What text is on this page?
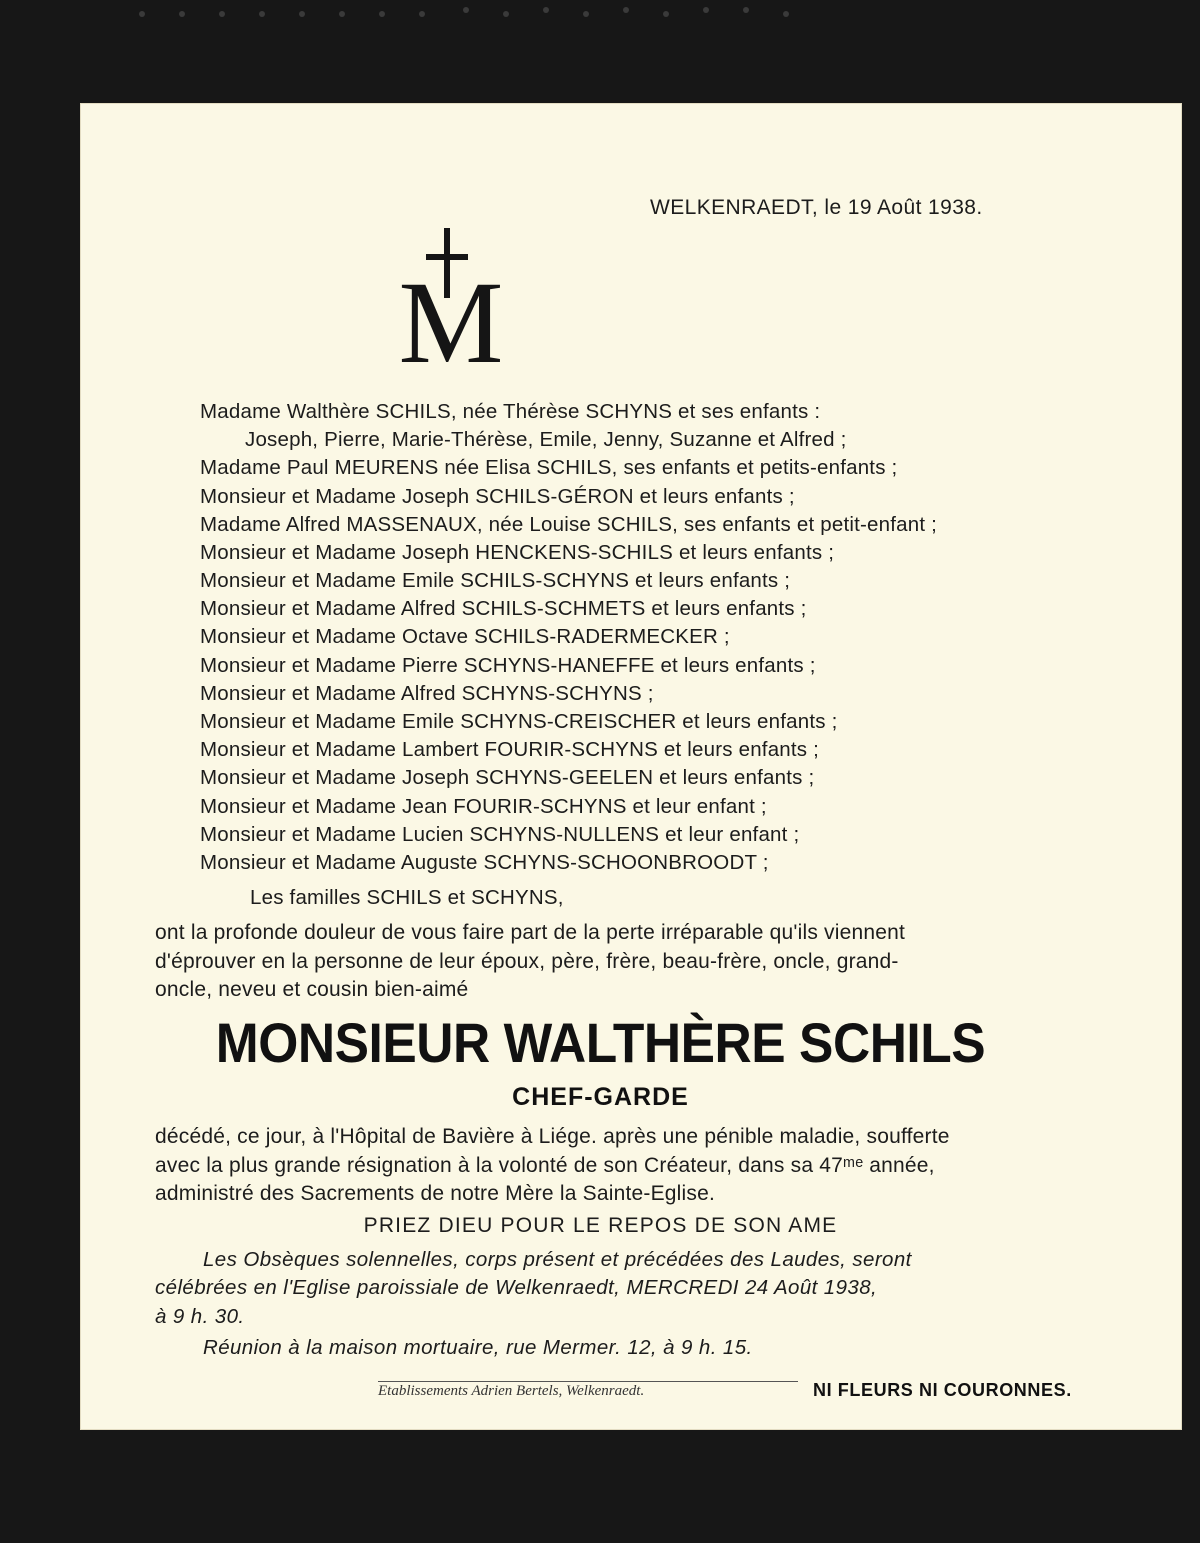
WELKENRAEDT, le 19 Août 1938.

M

Madame Walthère SCHILS, née Thérèse SCHYNS et ses enfants :

Joseph, Pierre, Marie-Thérèse, Emile, Jenny, Suzanne et Alfred ;

Madame Paul MEURENS née Elisa SCHILS, ses enfants et petits-enfants ;

Monsieur et Madame Joseph SCHILS-GÉRON et leurs enfants ;

Madame Alfred MASSENAUX, née Louise SCHILS, ses enfants et petit-enfant ;

Monsieur et Madame Joseph HENCKENS-SCHILS et leurs enfants ;

Monsieur et Madame Emile SCHILS-SCHYNS et leurs enfants ;

Monsieur et Madame Alfred SCHILS-SCHMETS et leurs enfants ;

Monsieur et Madame Octave SCHILS-RADERMECKER ;

Monsieur et Madame Pierre SCHYNS-HANEFFE et leurs enfants ;

Monsieur et Madame Alfred SCHYNS-SCHYNS ;

Monsieur et Madame Emile SCHYNS-CREISCHER et leurs enfants ;

Monsieur et Madame Lambert FOURIR-SCHYNS et leurs enfants ;

Monsieur et Madame Joseph SCHYNS-GEELEN et leurs enfants ;

Monsieur et Madame Jean FOURIR-SCHYNS et leur enfant ;

Monsieur et Madame Lucien SCHYNS-NULLENS et leur enfant ;

Monsieur et Madame Auguste SCHYNS-SCHOONBROODT ;

Les familles SCHILS et SCHYNS,

ont la profonde douleur de vous faire part de la perte irréparable qu'ils viennent

d'éprouver en la personne de leur époux, père, frère, beau-frère, oncle, grand-

oncle, neveu et cousin bien-aimé

MONSIEUR WALTHÈRE SCHILS

CHEF-GARDE

décédé, ce jour, à l'Hôpital de Bavière à Liége. après une pénible maladie, soufferte

avec la plus grande résignation à la volonté de son Créateur, dans sa 47ᵐᵉ année,

administré des Sacrements de notre Mère la Sainte-Eglise.

PRIEZ DIEU POUR LE REPOS DE SON AME

Les Obsèques solennelles, corps présent et précédées des Laudes, seront

célébrées en l'Eglise paroissiale de Welkenraedt, MERCREDI 24 Août 1938,

à 9 h. 30.

Réunion à la maison mortuaire, rue Mermer. 12, à 9 h. 15.

Etablissements Adrien Bertels, Welkenraedt.	NI FLEURS NI COURONNES.
